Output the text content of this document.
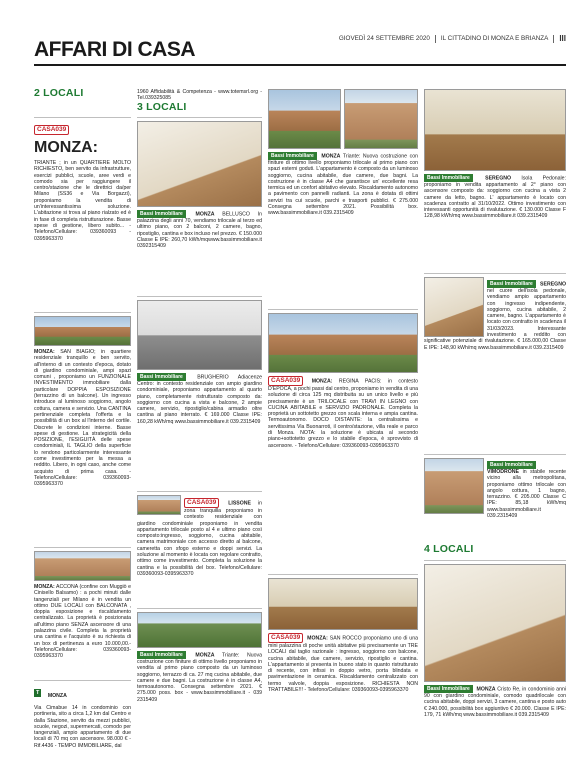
AFFARI DI CASA	GIOVEDÌ 24 SETTEMBRE 2020 IL CITTADINO DI MONZA E BRIANZA III
2 LOCALI
CASA039 MONZA:
TRIANTE ; in un QUARTIERE MOLTO RICHIESTO, ben servito da infrastrutture, esercizi pubblici, scuole, aree verdi e comodo sia per raggiungere il centro/stazione che le direttrici da/per Milano (SS36 e Via Borgazzi), proponiamo la vendita di un'interessantissima soluzione. L'abitazione si trova al piano rialzato ed è in fase di completa ristrutturazione. Basse spese di gestione, libero subito... - Telefono/Cellulare: 039360093 - 0395963370
MONZA: SAN BIAGIO; in quartiere residenziale tranquillo e ben servito, all'interno di un contesto d'epoca, dotato di giardino condominiale, ampi spazi comuni , proponiamo un FUNZIONALE INVESTIMENTO immobiliare dalla particolare DOPPIA ESPOSIZIONE (terrazzino di un balcone). Un ingresso introduce al luminoso soggiorno, angolo cottura, camera e servizio. Una CANTINA pertinenziale completa l'offerta e la possibilità di un box al l'interno del cortile. Discrete le condizioni interne. Basse spese di gestione. La strategicità della POSIZIONE, l'ESIGUITÀ delle spese condominiali, IL TAGLIO della superficie lo rendono particolarmente interessante come investimento per la messa a reddito. Libero, in ogni caso, anche come acquisto di prima casa. - Telefono/Cellulare: 039360093-0395963370
MONZA: ACCONA (confine con Muggiò e Cinisello Balsamo) : a pochi minuti dalle tangenziali per Milano è in vendita un ottimo DUE LOCALI con BALCONATA , doppia esposizione e riscaldamento centralizzato. La proprietà è posizionata all'ultimo piano SENZA ascensore di una palazzina civile. Completa la proprietà una cantina e l'acquisto è su richiesta di un box di pertinenza a euro 10.000,00.- Telefono/Cellulare: 039360093-0395963370
T MONZA
Via Cimabue 14 in condominio con portineria, sito a circa 1,2 km dal Centro e dalla Stazione, servito da mezzi pubblici, scuole, negozi, supermercati, comodo per tangenziali, ampio appartamento di due locali di 70 mq con ascensore. 98.000 € - Rif.4436 - TEMPO IMMOBILIARE, dal
1960 Affidabilità & Competenza - www.totemsrl.org - Tel.039325085
3 LOCALI
Bassi Immobiliare MONZA BELLUSCO In palazzina degli anni 70, vendiamo trilocale al terzo ed ultimo piano, con 2 balconi, 2 camere, bagno, ripostiglio, cantina e box incluso nel prezzo. € 150.000 Classe E IPE: 260,70 kWh/mqwww.bassimmobiliare.it 0392315409
Bassi Immobiliare	BRUGHERIO Adiacenze Centro: in contesto residenziale con ampio giardino condominiale, proponiamo appartamento al quarto piano, completamente ristrutturato composto da: soggiorno con cucina a vista e balcone, 2 ampie camere, servizio, ripostiglio/cabina armadio oltre cantina al piano interrato. € 169.000 Classe IPE: 160,28 kWh/mq www.bassimmobiliare.it 039.2315409
CASA039 LISSONE in zona tranquilla proponiamo in contesto residenziale con giardino condominiale proponiamo in vendita appartamento trilocale posto al 4 e ultimo piano così composto:ingresso, soggiorno, cucina abitabile, camera matrimoniale con accesso diretto al balcone, cameretta con sfogo esterno e doppi servizi. La soluzione al momento è locata con regolare contratto, ottimo come investimento. Completa la soluzione la cantina e la possibilità del box. Telefono/Cellulare: 039360093-0395963370
Bassi Immobiliare MONZA Triante: Nuova costruzione con finiture di ottimo livello proponiamo in vendita al primo piano composto da un luminoso soggiorno, terrazzo di ca. 27 mq cucina abitabile, due camere e due bagni. La costruzione è in classe A4, termoautonomo. Consegna settembre 2021. € 275.000 poss. box - www.bassimmobiliare.it - 039 2315409
Bassi Immobiliare MONZA Triante: Nuova costruzione con finiture di ottimo livello proponiamo trilocale al primo piano con spazi esterni goduti. L'appartamento è composto da un luminoso soggiorno, cucina abitabile, due camere, due bagni. La costruzione è in classe A4 che garantisce un' eccellente resa termica ed un confort abitativo elevato. Riscaldamento autonomo a pavimento con pannelli radianti. La zona è dotata di ottimi servizi tra cui scuole, parchi e trasporti pubblici. € 275.000 Consegna settembre 2021. Possibilità box. www.bassimmobiliare.it 039.2315409
CASA039 MONZA: REGINA PACIS: in contesto D'EPOCA, a pochi passi dal centro, proponiamo in vendita di una soluzione di circa 125 mq distribuita su un unico livello e più precisamente è un TRILOCALE con TRAVI IN LEGNO con CUCINA ABITABILE e SERVIZIO PADRONALE. Completa la proprietà un sottotetto grezzo con scala interna e ampia cantina. Termoautonomo. DOCO DISTANTE: la centralissima e servitissima Via Buonarroti, il centro/stazione, villa reale e parco di Monza. NOTA: la soluzione è ubicata al secondo piano+sottotetto grezzo e lo stabile d'epoca, è sprovvisto di ascensore. - Telefono/Cellulare: 039360093-0395963370
CASA039 MONZA: SAN ROCCO proponiamo uno di una mini palazzina di poche unità abitative più precisamente un TRE LOCALI dal taglio razionale : ingresso, soggiorno con balcone, cucina abitabile, due camere, servizio, ripostiglio e cantina. L'appartamento si presenta in buono stato in quanto ristrutturato di recente, con infissi in doppio vetro, porta blindata e pavimentazione in ceramica. Riscaldamento centralizzato con termo valvole, doppia esposizione. RICHIESTA NON TRATTABILE!!! - Telefono/Cellulare: 039360093-0395963370
Bassi Immobiliare	SEREGNO Isola Pedonale: proponiamo in vendita appartamento al 2° piano con ascensore composto da: soggiorno con cucina a vista 2 camere da letto, bagno. L' appartamento è locato con scadenza contratto al 31/10/2022. Ottimo investimento con interessanti opportunità di rivalutazione. € 130.000 Classe F 128,98 kWh/mq www.bassimmobiliare.it 039.2315409
Bassi Immobiliare SEREGNO nel cuore dell'isola pedonale, vendiamo ampio appartamento con ingresso indipendente, soggiorno, cucina abitabile, 2 camere, bagno. L'appartamento è locato con contratto in scadenza il 31/03/2023. Interessante investimento a reddito con significative potenziale di rivalutazione. € 165.000,00 Classe E IPE: 148,90 kWh/mq www.bassimmobiliare.it 039.2315409
Bassi Immobiliare VIMODRONE in stabile recente vicino alla metropolitana, proponiamo ottimo trilocale con angolo cottura, 1 bagno, terrazzino. € 205.000 Classe C IPE: 85,18 kWh/mq www.bassimmobiliare.it 039.2315409
4 LOCALI
Bassi Immobiliare MONZA Cristo Re, in condominio anni 90 con giardino condominiale, comodo quadrilocale con cucina abitabile, doppi servizi, 3 camere, cantina e posto auto € 240.000, possibilità box aggiuntivo € 20.000. Classe E IPE: 179, 71 kWh/mq www.bassimmobiliare.it 039.2315409
